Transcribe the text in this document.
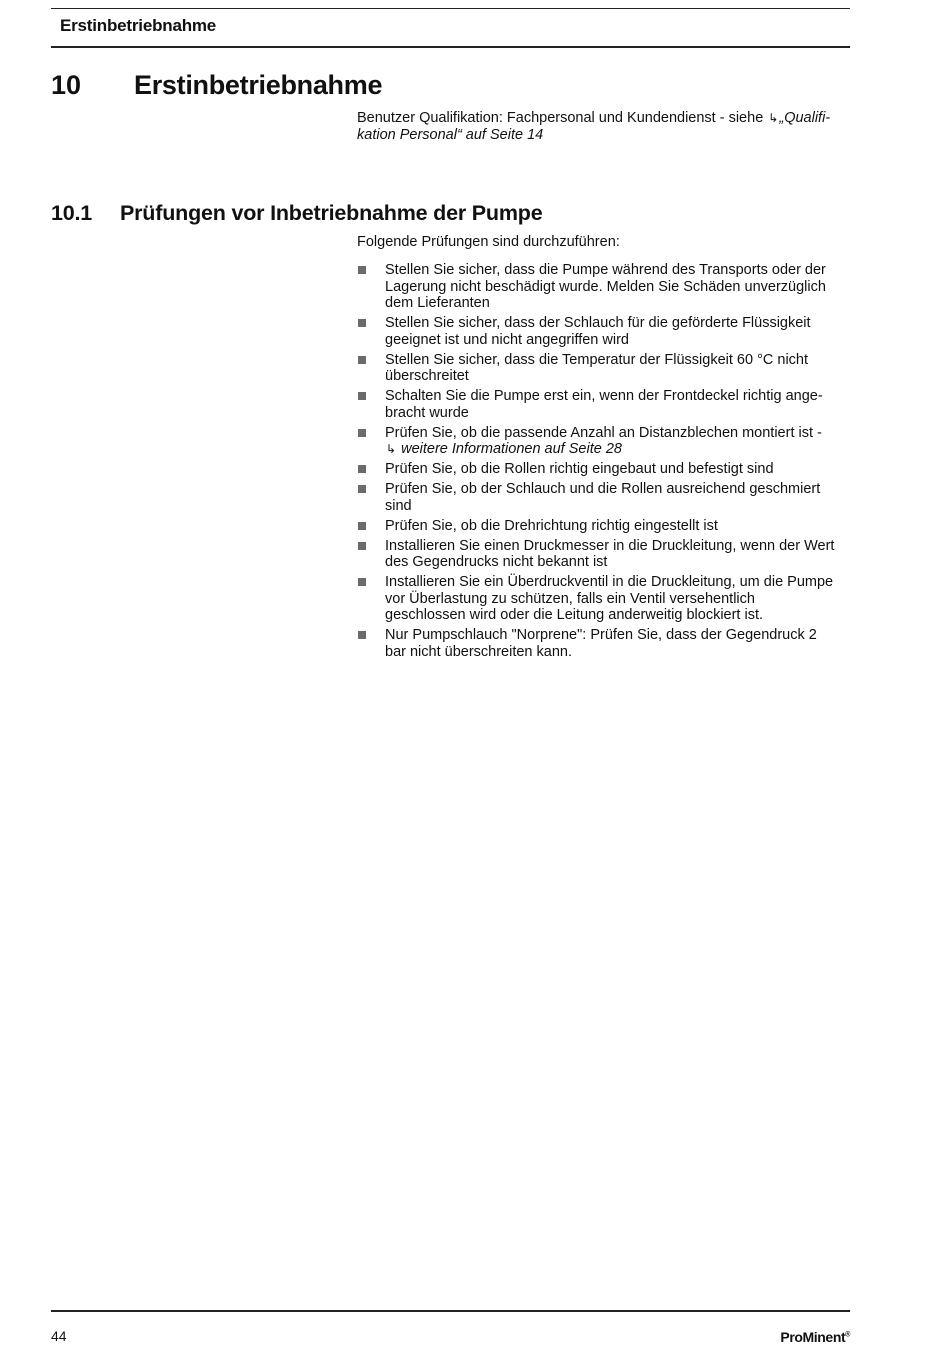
Erstinbetriebnahme
10 Erstinbetriebnahme
Benutzer Qualifikation: Fachpersonal und Kundendienst - siehe ↳„Qualifi-
kation Personal“ auf Seite 14
10.1 Prüfungen vor Inbetriebnahme der Pumpe
Folgende Prüfungen sind durchzuführen:
Stellen Sie sicher, dass die Pumpe während des Transports oder der
Lagerung nicht beschädigt wurde. Melden Sie Schäden unverzüglich
dem Lieferanten
Stellen Sie sicher, dass der Schlauch für die geförderte Flüssigkeit
geeignet ist und nicht angegriffen wird
Stellen Sie sicher, dass die Temperatur der Flüssigkeit 60 °C nicht
überschreitet
Schalten Sie die Pumpe erst ein, wenn der Frontdeckel richtig ange-
bracht wurde
Prüfen Sie, ob die passende Anzahl an Distanzblechen montiert ist -
↳ weitere Informationen auf Seite 28
Prüfen Sie, ob die Rollen richtig eingebaut und befestigt sind
Prüfen Sie, ob der Schlauch und die Rollen ausreichend geschmiert
sind
Prüfen Sie, ob die Drehrichtung richtig eingestellt ist
Installieren Sie einen Druckmesser in die Druckleitung, wenn der Wert
des Gegendrucks nicht bekannt ist
Installieren Sie ein Überdruckventil in die Druckleitung, um die Pumpe
vor Überlastung zu schützen, falls ein Ventil versehentlich
geschlossen wird oder die Leitung anderweitig blockiert ist.
Nur Pumpschlauch "Norprene": Prüfen Sie, dass der Gegendruck 2
bar nicht überschreiten kann.
44	ProMinent®
